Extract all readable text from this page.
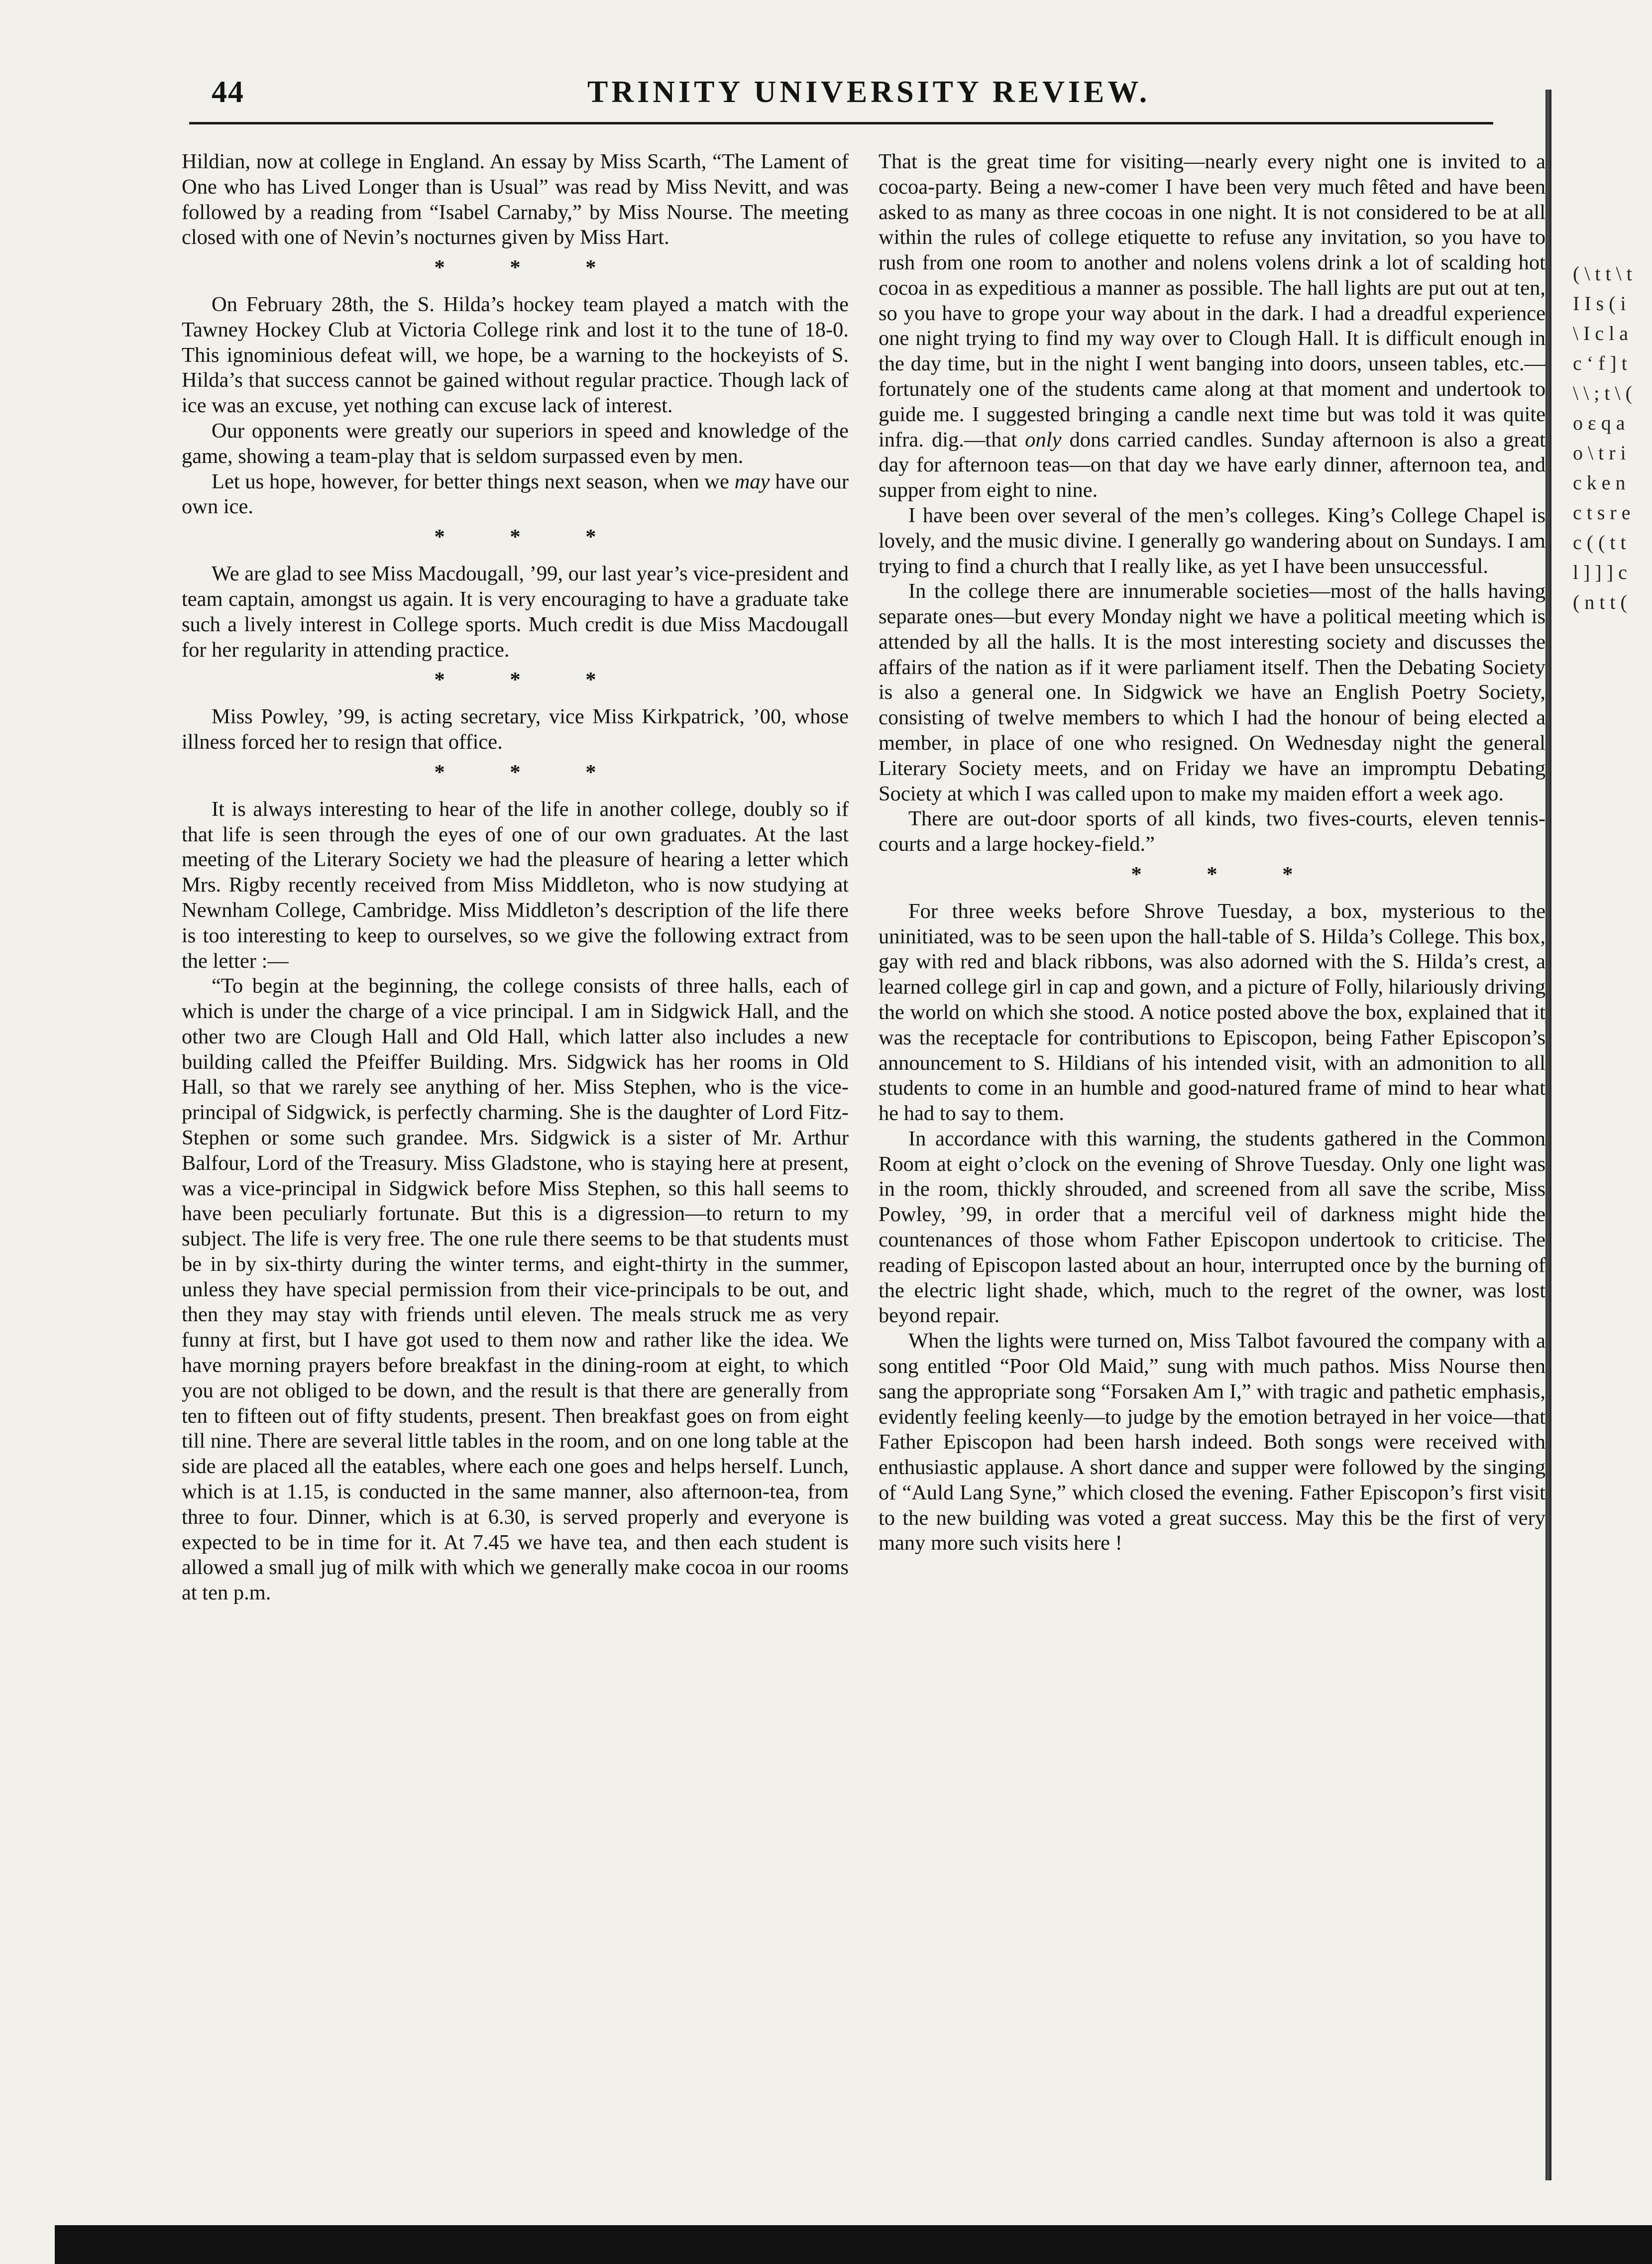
44	TRINITY UNIVERSITY REVIEW.

Hildian, now at college in England. An essay by Miss Scarth, “The Lament of One who has Lived Longer than is Usual” was read by Miss Nevitt, and was followed by a reading from “Isabel Carnaby,” by Miss Nourse. The meeting closed with one of Nevin’s nocturnes given by Miss Hart.

* * *

On February 28th, the S. Hilda’s hockey team played a match with the Tawney Hockey Club at Victoria College rink and lost it to the tune of 18-0. This ignominious defeat will, we hope, be a warning to the hockeyists of S. Hilda’s that success cannot be gained without regular practice. Though lack of ice was an excuse, yet nothing can excuse lack of interest.

Our opponents were greatly our superiors in speed and knowledge of the game, showing a team-play that is seldom surpassed even by men.

Let us hope, however, for better things next season, when we may have our own ice.

* * *

We are glad to see Miss Macdougall, ’99, our last year’s vice-president and team captain, amongst us again. It is very encouraging to have a graduate take such a lively interest in College sports. Much credit is due Miss Macdougall for her regularity in attending practice.

* * *

Miss Powley, ’99, is acting secretary, vice Miss Kirkpatrick, ’00, whose illness forced her to resign that office.

* * *

It is always interesting to hear of the life in another college, doubly so if that life is seen through the eyes of one of our own graduates. At the last meeting of the Literary Society we had the pleasure of hearing a letter which Mrs. Rigby recently received from Miss Middleton, who is now studying at Newnham College, Cambridge. Miss Middleton’s description of the life there is too interesting to keep to ourselves, so we give the following extract from the letter :—

“To begin at the beginning, the college consists of three halls, each of which is under the charge of a vice principal. I am in Sidgwick Hall, and the other two are Clough Hall and Old Hall, which latter also includes a new building called the Pfeiffer Building. Mrs. Sidgwick has her rooms in Old Hall, so that we rarely see anything of her. Miss Stephen, who is the vice-principal of Sidgwick, is perfectly charming. She is the daughter of Lord Fitz-Stephen or some such grandee. Mrs. Sidgwick is a sister of Mr. Arthur Balfour, Lord of the Treasury. Miss Gladstone, who is staying here at present, was a vice-principal in Sidgwick before Miss Stephen, so this hall seems to have been peculiarly fortunate. But this is a digression—to return to my subject. The life is very free. The one rule there seems to be that students must be in by six-thirty during the winter terms, and eight-thirty in the summer, unless they have special permission from their vice-principals to be out, and then they may stay with friends until eleven. The meals struck me as very funny at first, but I have got used to them now and rather like the idea. We have morning prayers before breakfast in the dining-room at eight, to which you are not obliged to be down, and the result is that there are generally from ten to fifteen out of fifty students, present. Then breakfast goes on from eight till nine. There are several little tables in the room, and on one long table at the side are placed all the eatables, where each one goes and helps herself. Lunch, which is at 1.15, is conducted in the same manner, also afternoon-tea, from three to four. Dinner, which is at 6.30, is served properly and everyone is expected to be in time for it. At 7.45 we have tea, and then each student is allowed a small jug of milk with which we generally make cocoa in our rooms at ten p.m.

That is the great time for visiting—nearly every night one is invited to a cocoa-party. Being a new-comer I have been very much fêted and have been asked to as many as three cocoas in one night. It is not considered to be at all within the rules of college etiquette to refuse any invitation, so you have to rush from one room to another and nolens volens drink a lot of scalding hot cocoa in as expeditious a manner as possible. The hall lights are put out at ten, so you have to grope your way about in the dark. I had a dreadful experience one night trying to find my way over to Clough Hall. It is difficult enough in the day time, but in the night I went banging into doors, unseen tables, etc.—fortunately one of the students came along at that moment and undertook to guide me. I suggested bringing a candle next time but was told it was quite infra. dig.—that only dons carried candles. Sunday afternoon is also a great day for afternoon teas—on that day we have early dinner, afternoon tea, and supper from eight to nine.

I have been over several of the men’s colleges. King’s College Chapel is lovely, and the music divine. I generally go wandering about on Sundays. I am trying to find a church that I really like, as yet I have been unsuccessful.

In the college there are innumerable societies—most of the halls having separate ones—but every Monday night we have a political meeting which is attended by all the halls. It is the most interesting society and discusses the affairs of the nation as if it were parliament itself. Then the Debating Society is also a general one. In Sidgwick we have an English Poetry Society, consisting of twelve members to which I had the honour of being elected a member, in place of one who resigned. On Wednesday night the general Literary Society meets, and on Friday we have an impromptu Debating Society at which I was called upon to make my maiden effort a week ago.

There are out-door sports of all kinds, two fives-courts, eleven tennis-courts and a large hockey-field.”

* * *

For three weeks before Shrove Tuesday, a box, mysterious to the uninitiated, was to be seen upon the hall-table of S. Hilda’s College. This box, gay with red and black ribbons, was also adorned with the S. Hilda’s crest, a learned college girl in cap and gown, and a picture of Folly, hilariously driving the world on which she stood. A notice posted above the box, explained that it was the receptacle for contributions to Episcopon, being Father Episcopon’s announcement to S. Hildians of his intended visit, with an admonition to all students to come in an humble and good-natured frame of mind to hear what he had to say to them.

In accordance with this warning, the students gathered in the Common Room at eight o’clock on the evening of Shrove Tuesday. Only one light was in the room, thickly shrouded, and screened from all save the scribe, Miss Powley, ’99, in order that a merciful veil of darkness might hide the countenances of those whom Father Episcopon undertook to criticise. The reading of Episcopon lasted about an hour, interrupted once by the burning of the electric light shade, which, much to the regret of the owner, was lost beyond repair.

When the lights were turned on, Miss Talbot favoured the company with a song entitled “Poor Old Maid,” sung with much pathos. Miss Nourse then sang the appropriate song “Forsaken Am I,” with tragic and pathetic emphasis, evidently feeling keenly—to judge by the emotion betrayed in her voice—that Father Episcopon had been harsh indeed. Both songs were received with enthusiastic applause. A short dance and supper were followed by the singing of “Auld Lang Syne,” which closed the evening. Father Episcopon’s first visit to the new building was voted a great success. May this be the first of very many more such visits here !

( \ t t \ t I I s ( i \ I c l a c ‘ f ] t \ \ ; t \ ( o ε q a o \ t r i c k e n c t s r e c ( ( t t l ] ] ] c ( n t t (
